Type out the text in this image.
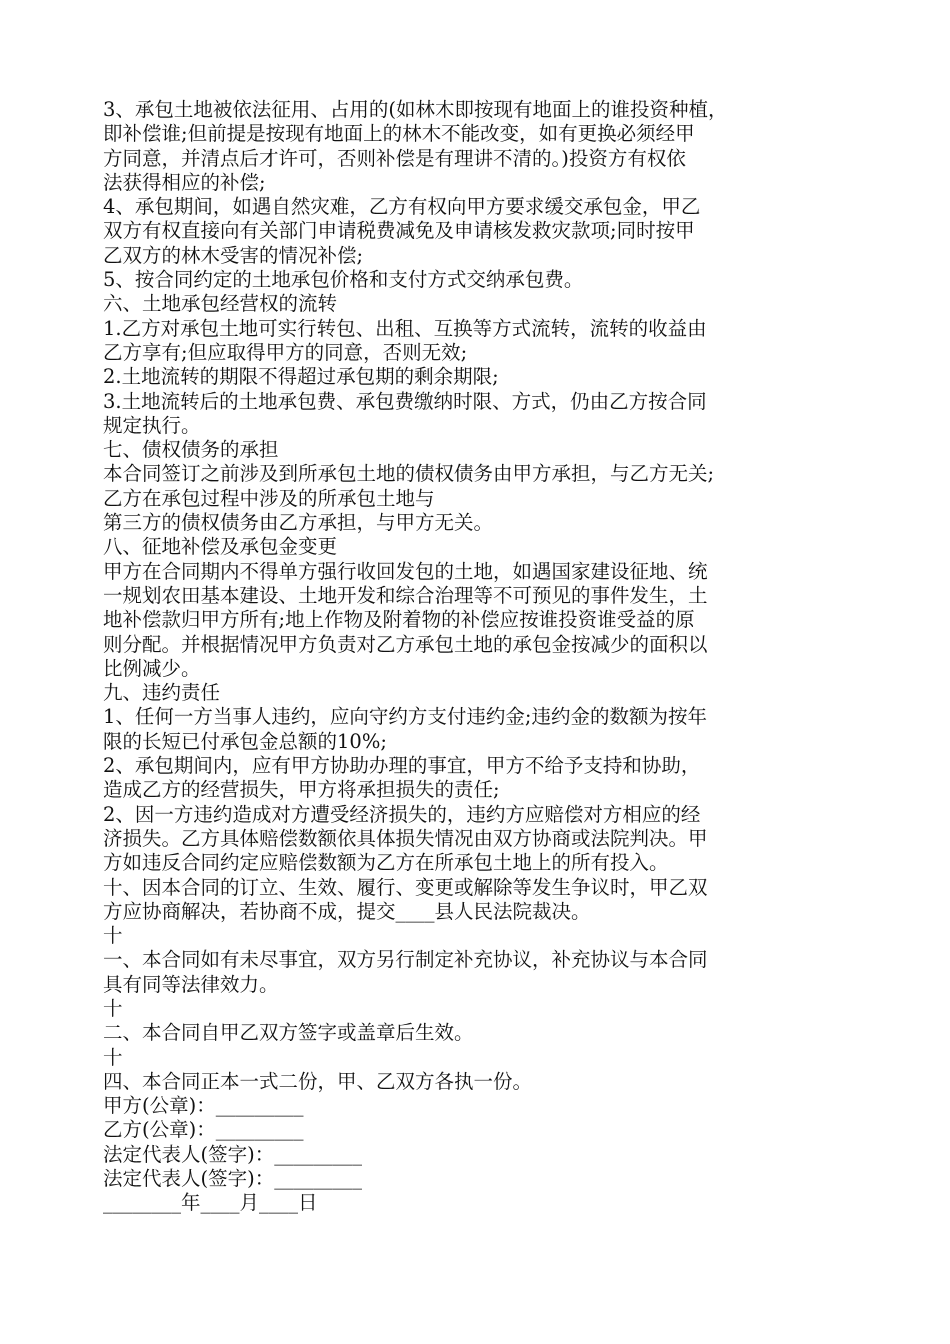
3、承包土地被依法征用、占用的(如林木即按现有地面上的谁投资种植，
即补偿谁;但前提是按现有地面上的林木不能改变，如有更换必须经甲
方同意，并清点后才许可，否则补偿是有理讲不清的。)投资方有权依
法获得相应的补偿;
4、承包期间，如遇自然灾难，乙方有权向甲方要求缓交承包金，甲乙
双方有权直接向有关部门申请税费减免及申请核发救灾款项;同时按甲
乙双方的林木受害的情况补偿;
5、按合同约定的土地承包价格和支付方式交纳承包费。
六、土地承包经营权的流转
1.乙方对承包土地可实行转包、出租、互换等方式流转，流转的收益由
乙方享有;但应取得甲方的同意，否则无效;
2.土地流转的期限不得超过承包期的剩余期限;
3.土地流转后的土地承包费、承包费缴纳时限、方式，仍由乙方按合同
规定执行。
七、债权债务的承担
本合同签订之前涉及到所承包土地的债权债务由甲方承担，与乙方无关;
乙方在承包过程中涉及的所承包土地与
第三方的债权债务由乙方承担，与甲方无关。
八、征地补偿及承包金变更
甲方在合同期内不得单方强行收回发包的土地，如遇国家建设征地、统
一规划农田基本建设、土地开发和综合治理等不可预见的事件发生，土
地补偿款归甲方所有;地上作物及附着物的补偿应按谁投资谁受益的原
则分配。并根据情况甲方负责对乙方承包土地的承包金按减少的面积以
比例减少。
九、违约责任
1、任何一方当事人违约，应向守约方支付违约金;违约金的数额为按年
限的长短已付承包金总额的10%;
2、承包期间内，应有甲方协助办理的事宜，甲方不给予支持和协助，
造成乙方的经营损失，甲方将承担损失的责任;
2、因一方违约造成对方遭受经济损失的，违约方应赔偿对方相应的经
济损失。乙方具体赔偿数额依具体损失情况由双方协商或法院判决。甲
方如违反合同约定应赔偿数额为乙方在所承包土地上的所有投入。
十、因本合同的订立、生效、履行、变更或解除等发生争议时，甲乙双
方应协商解决，若协商不成，提交____县人民法院裁决。
十
一、本合同如有未尽事宜，双方另行制定补充协议，补充协议与本合同
具有同等法律效力。
十
二、本合同自甲乙双方签字或盖章后生效。
十
四、本合同正本一式二份，甲、乙双方各执一份。
甲方(公章)：_________
乙方(公章)：_________
法定代表人(签字)：_________
法定代表人(签字)：_________
________年____月____日
